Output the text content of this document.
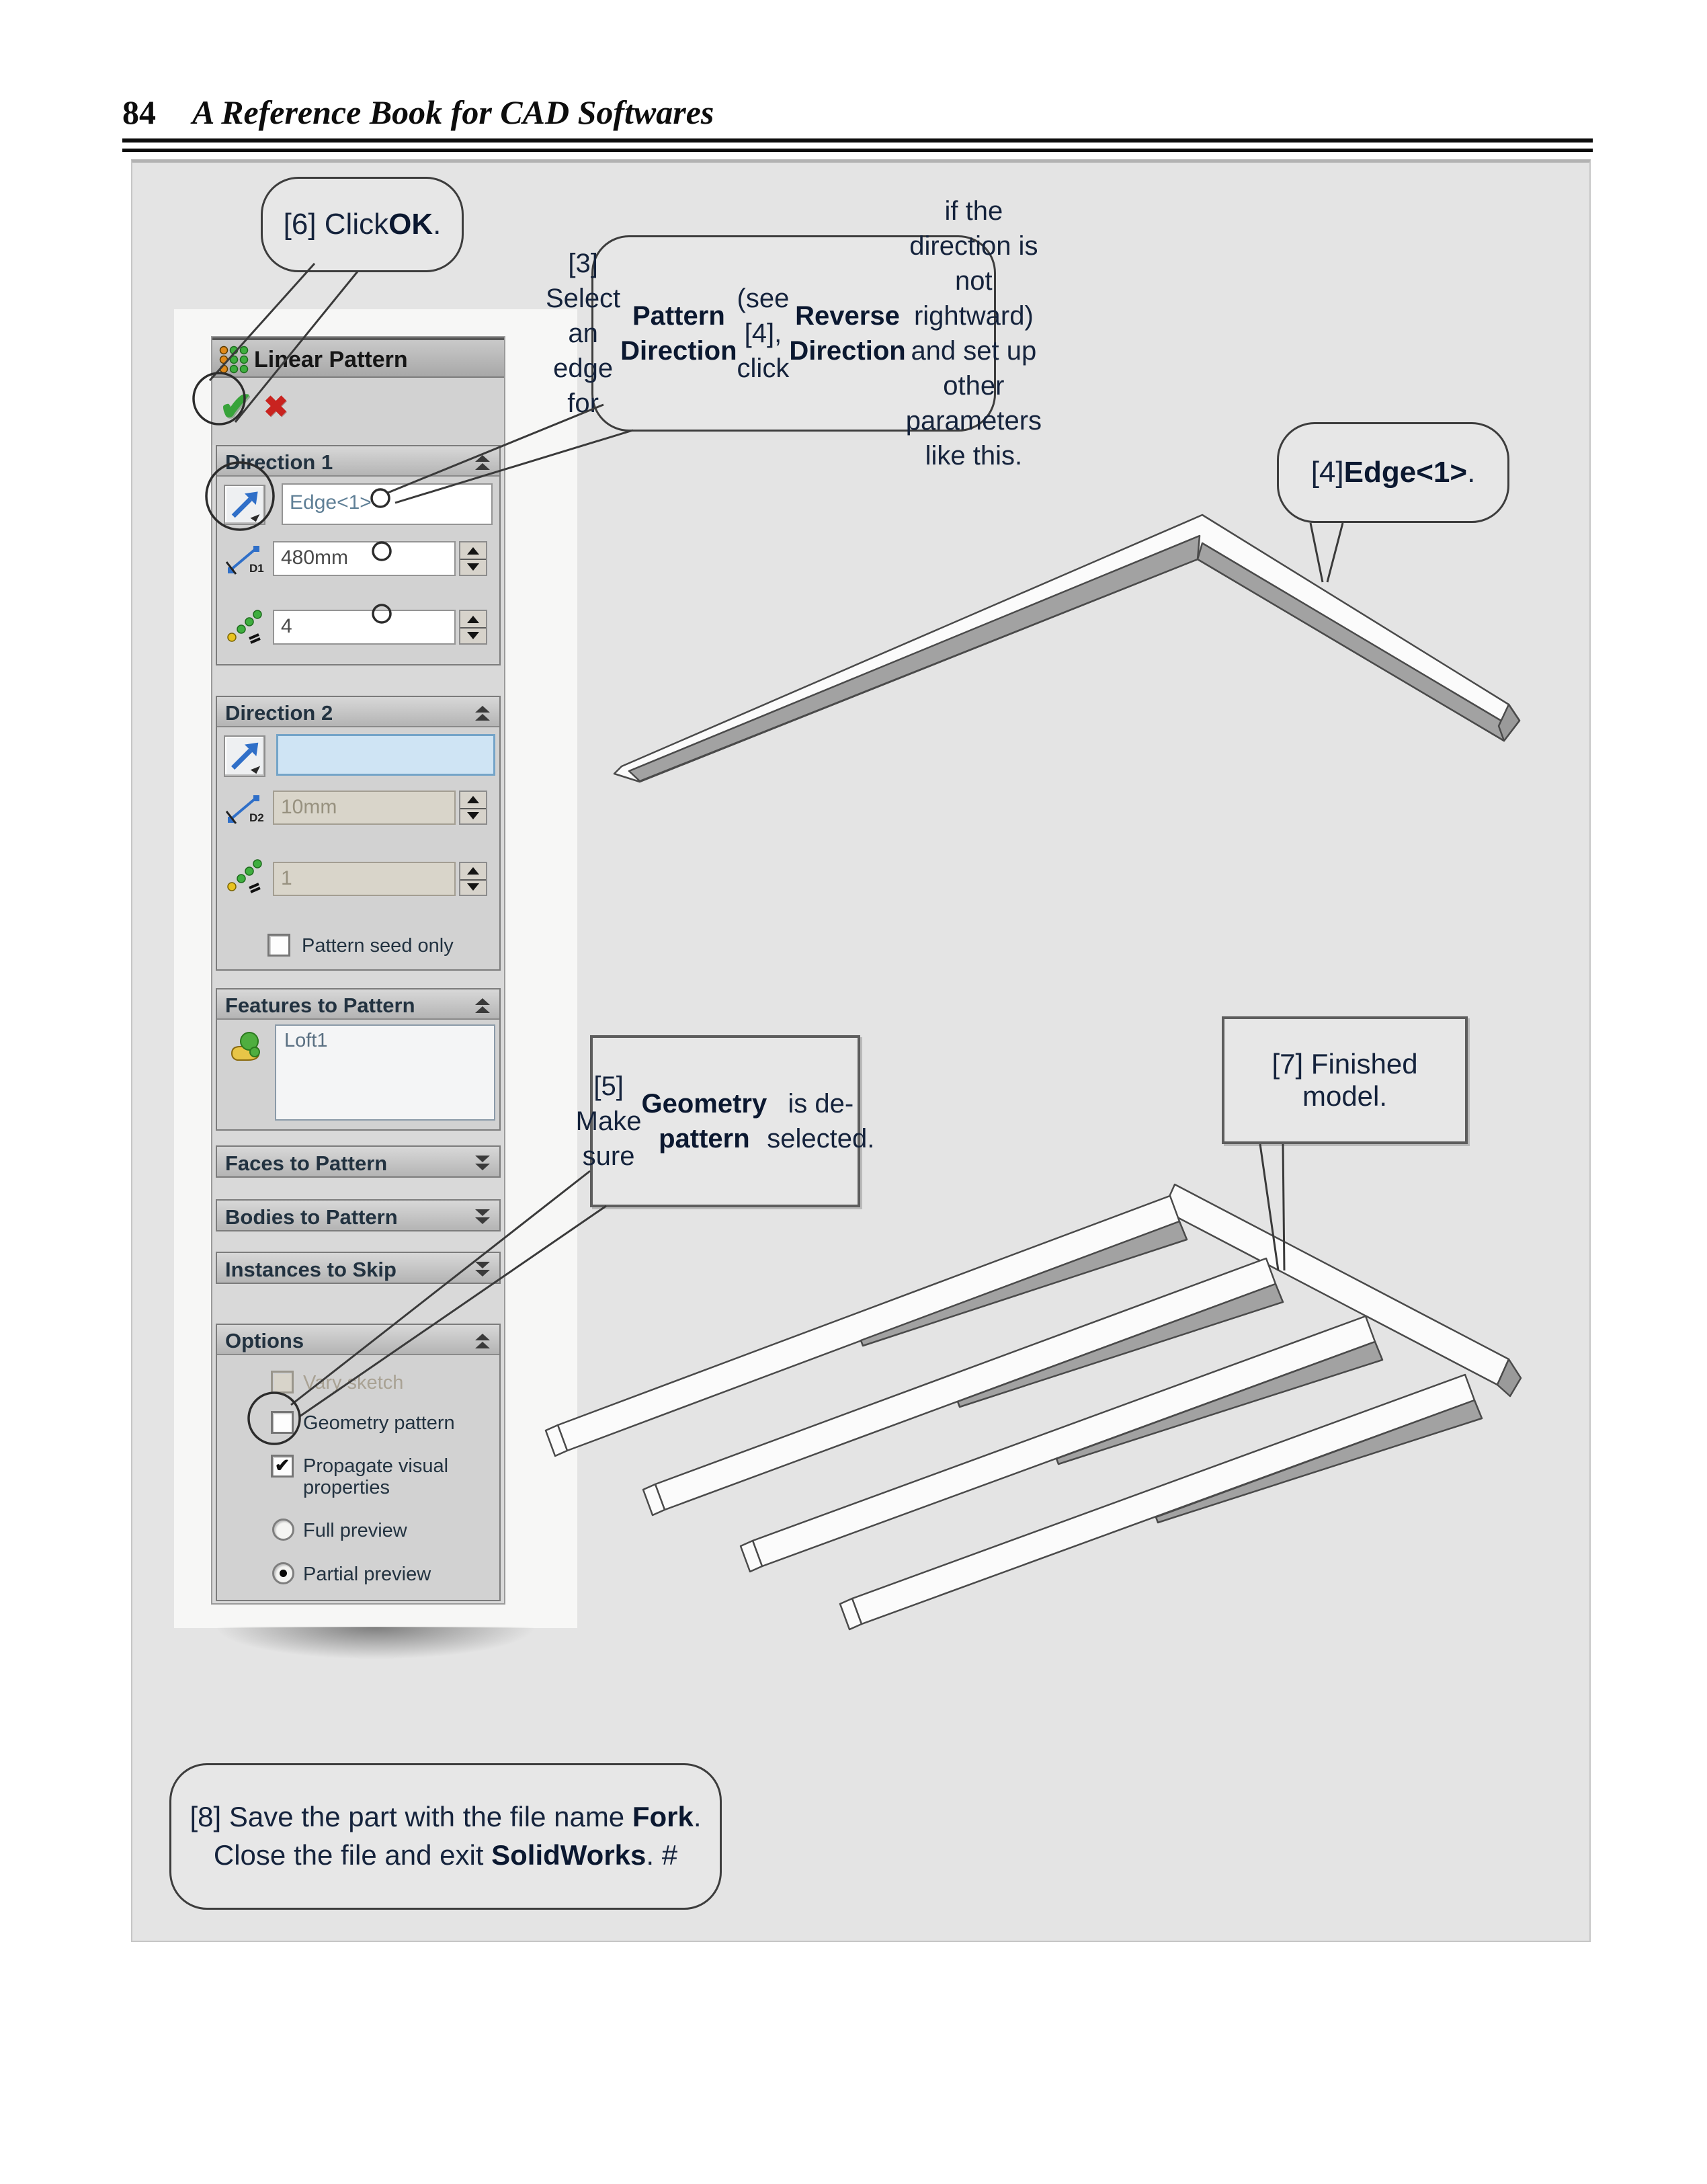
84 A Reference Book for CAD Softwares
Linear Pattern
✔ ✖
Direction 1
Edge<1>
D1 480mm
4
Direction 2
D2 10mm
1
Pattern seed only
Features to Pattern
Loft1
Faces to Pattern
Bodies to Pattern
Instances to Skip
Options
Vary sketch
Geometry pattern
✔ Propagate visual properties
Full preview
Partial preview
[6] Click OK .
[3] Select an edge for
Pattern Direction
(see [4], click
Reverse Direction
if the direction is not rightward) and set up other parameters like this.	[4] Edge<1> .
[5] Make sure
Geometry pattern
is de-selected.
[7] Finished model.
[8] Save the part with the file name Fork.
Close the file and exit SolidWorks. #
